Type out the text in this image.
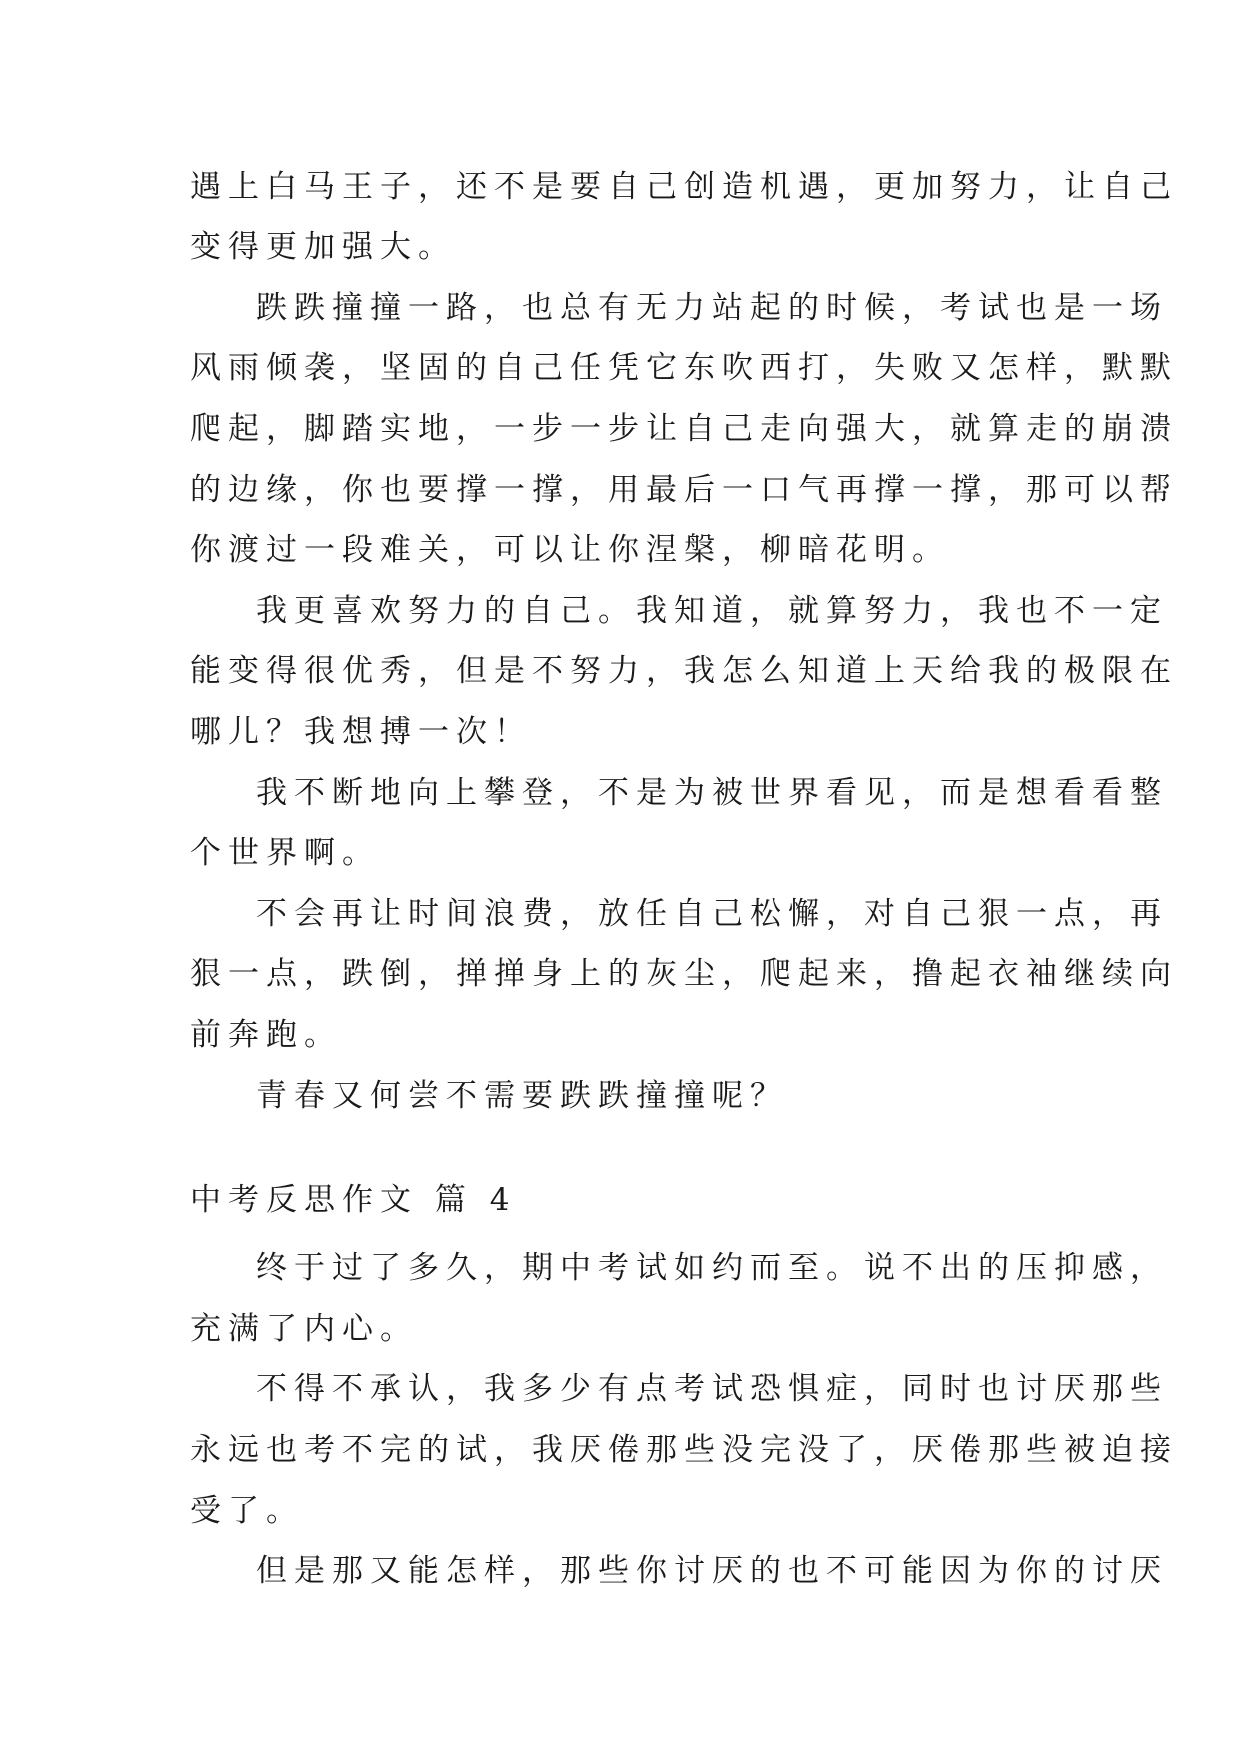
遇上白马王子，还不是要自己创造机遇，更加努力，让自己
变得更加强大。
跌跌撞撞一路，也总有无力站起的时候，考试也是一场
风雨倾袭，坚固的自己任凭它东吹西打，失败又怎样，默默
爬起，脚踏实地，一步一步让自己走向强大，就算走的崩溃
的边缘，你也要撑一撑，用最后一口气再撑一撑，那可以帮
你渡过一段难关，可以让你涅槃，柳暗花明。
我更喜欢努力的自己。我知道，就算努力，我也不一定
能变得很优秀，但是不努力，我怎么知道上天给我的极限在
哪儿？我想搏一次！
我不断地向上攀登，不是为被世界看见，而是想看看整
个世界啊。
不会再让时间浪费，放任自己松懈，对自己狠一点，再
狠一点，跌倒，掸掸身上的灰尘，爬起来，撸起衣袖继续向
前奔跑。
青春又何尝不需要跌跌撞撞呢？
中考反思作文 篇 4
终于过了多久，期中考试如约而至。说不出的压抑感，
充满了内心。
不得不承认，我多少有点考试恐惧症，同时也讨厌那些
永远也考不完的试，我厌倦那些没完没了，厌倦那些被迫接
受了。
但是那又能怎样，那些你讨厌的也不可能因为你的讨厌
